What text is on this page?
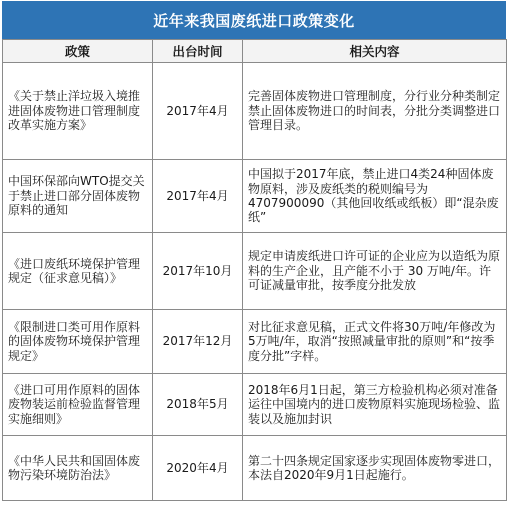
近年来我国废纸进口政策变化
政策	出台时间	相关内容
《关于禁止洋垃圾入境推进固体废物进口管理制度改革实施方案》	2017年4月	完善固体废物进口管理制度，分行业分种类制定禁止固体废物进口的时间表，分批分类调整进口管理目录。
中国环保部向WTO提交关于禁止进口部分固体废物原料的通知	2017年4月	中国拟于2017年底，禁止进口4类24种固体废物原料，涉及废纸类的税则编号为4707900090（其他回收纸或纸板）即“混杂废纸”
《进口废纸环境保护管理规定（征求意见稿）》	2017年10月	规定申请废纸进口许可证的企业应为以造纸为原料的生产企业，且产能不小于 30 万吨/年。许可证减量审批，按季度分批发放
《限制进口类可用作原料的固体废物环境保护管理规定》	2017年12月	对比征求意见稿，正式文件将30万吨/年修改为5万吨/年，取消“按照减量审批的原则”和“按季度分批”字样。
《进口可用作原料的固体废物装运前检验监督管理实施细则》	2018年5月	2018年6月1日起，第三方检验机构必须对准备运往中国境内的进口废物原料实施现场检验、监装以及施加封识
《中华人民共和国固体废物污染环境防治法》	2020年4月	第二十四条规定国家逐步实现固体废物零进口，本法自2020年9月1日起施行。
